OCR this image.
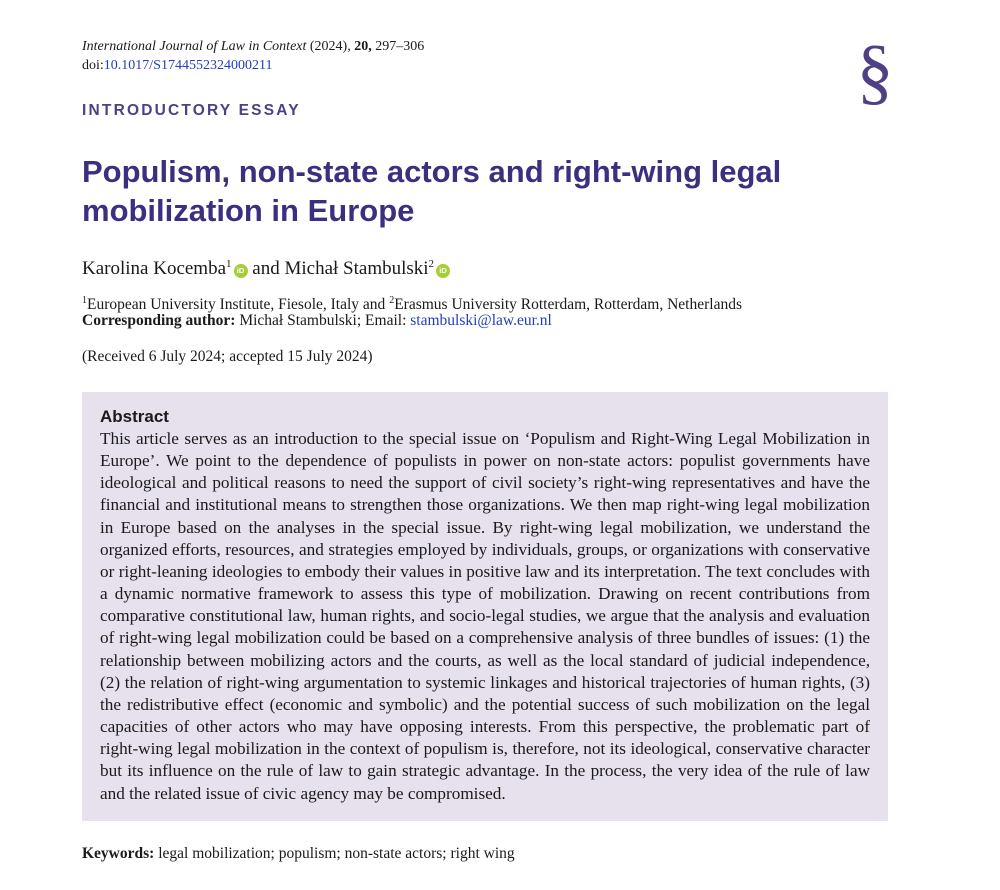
International Journal of Law in Context (2024), 20, 297–306
doi:10.1017/S1744552324000211	§
INTRODUCTORY ESSAY
Populism, non-state actors and right-wing legal mobilization in Europe
Karolina Kocemba$^1$iD and Michał Stambulski$^2$iD
$^1$European University Institute, Fiesole, Italy and $^2$Erasmus University Rotterdam, Rotterdam, Netherlands
Corresponding author: Michał Stambulski; Email: stambulski@law.eur.nl
(Received 6 July 2024; accepted 15 July 2024)
Abstract
This article serves as an introduction to the special issue on ‘Populism and Right-Wing Legal Mobilization in Europe’. We point to the dependence of populists in power on non-state actors: populist governments have ideological and political reasons to need the support of civil society’s right-wing representatives and have the financial and institutional means to strengthen those organizations. We then map right-wing legal mobilization in Europe based on the analyses in the special issue. By right-wing legal mobilization, we understand the organized efforts, resources, and strategies employed by individuals, groups, or organizations with conservative or right-leaning ideologies to embody their values in positive law and its interpretation. The text concludes with a dynamic normative framework to assess this type of mobilization. Drawing on recent contributions from comparative constitutional law, human rights, and socio-legal studies, we argue that the analysis and evaluation of right-wing legal mobilization could be based on a comprehensive analysis of three bundles of issues: (1) the relationship between mobilizing actors and the courts, as well as the local standard of judicial independence, (2) the relation of right-wing argumentation to systemic linkages and historical trajectories of human rights, (3) the redistributive effect (economic and symbolic) and the potential success of such mobilization on the legal capacities of other actors who may have opposing interests. From this perspective, the problematic part of right-wing legal mobilization in the context of populism is, therefore, not its ideological, conservative character but its influence on the rule of law to gain strategic advantage. In the process, the very idea of the rule of law and the related issue of civic agency may be compromised.
Keywords: legal mobilization; populism; non-state actors; right wing
